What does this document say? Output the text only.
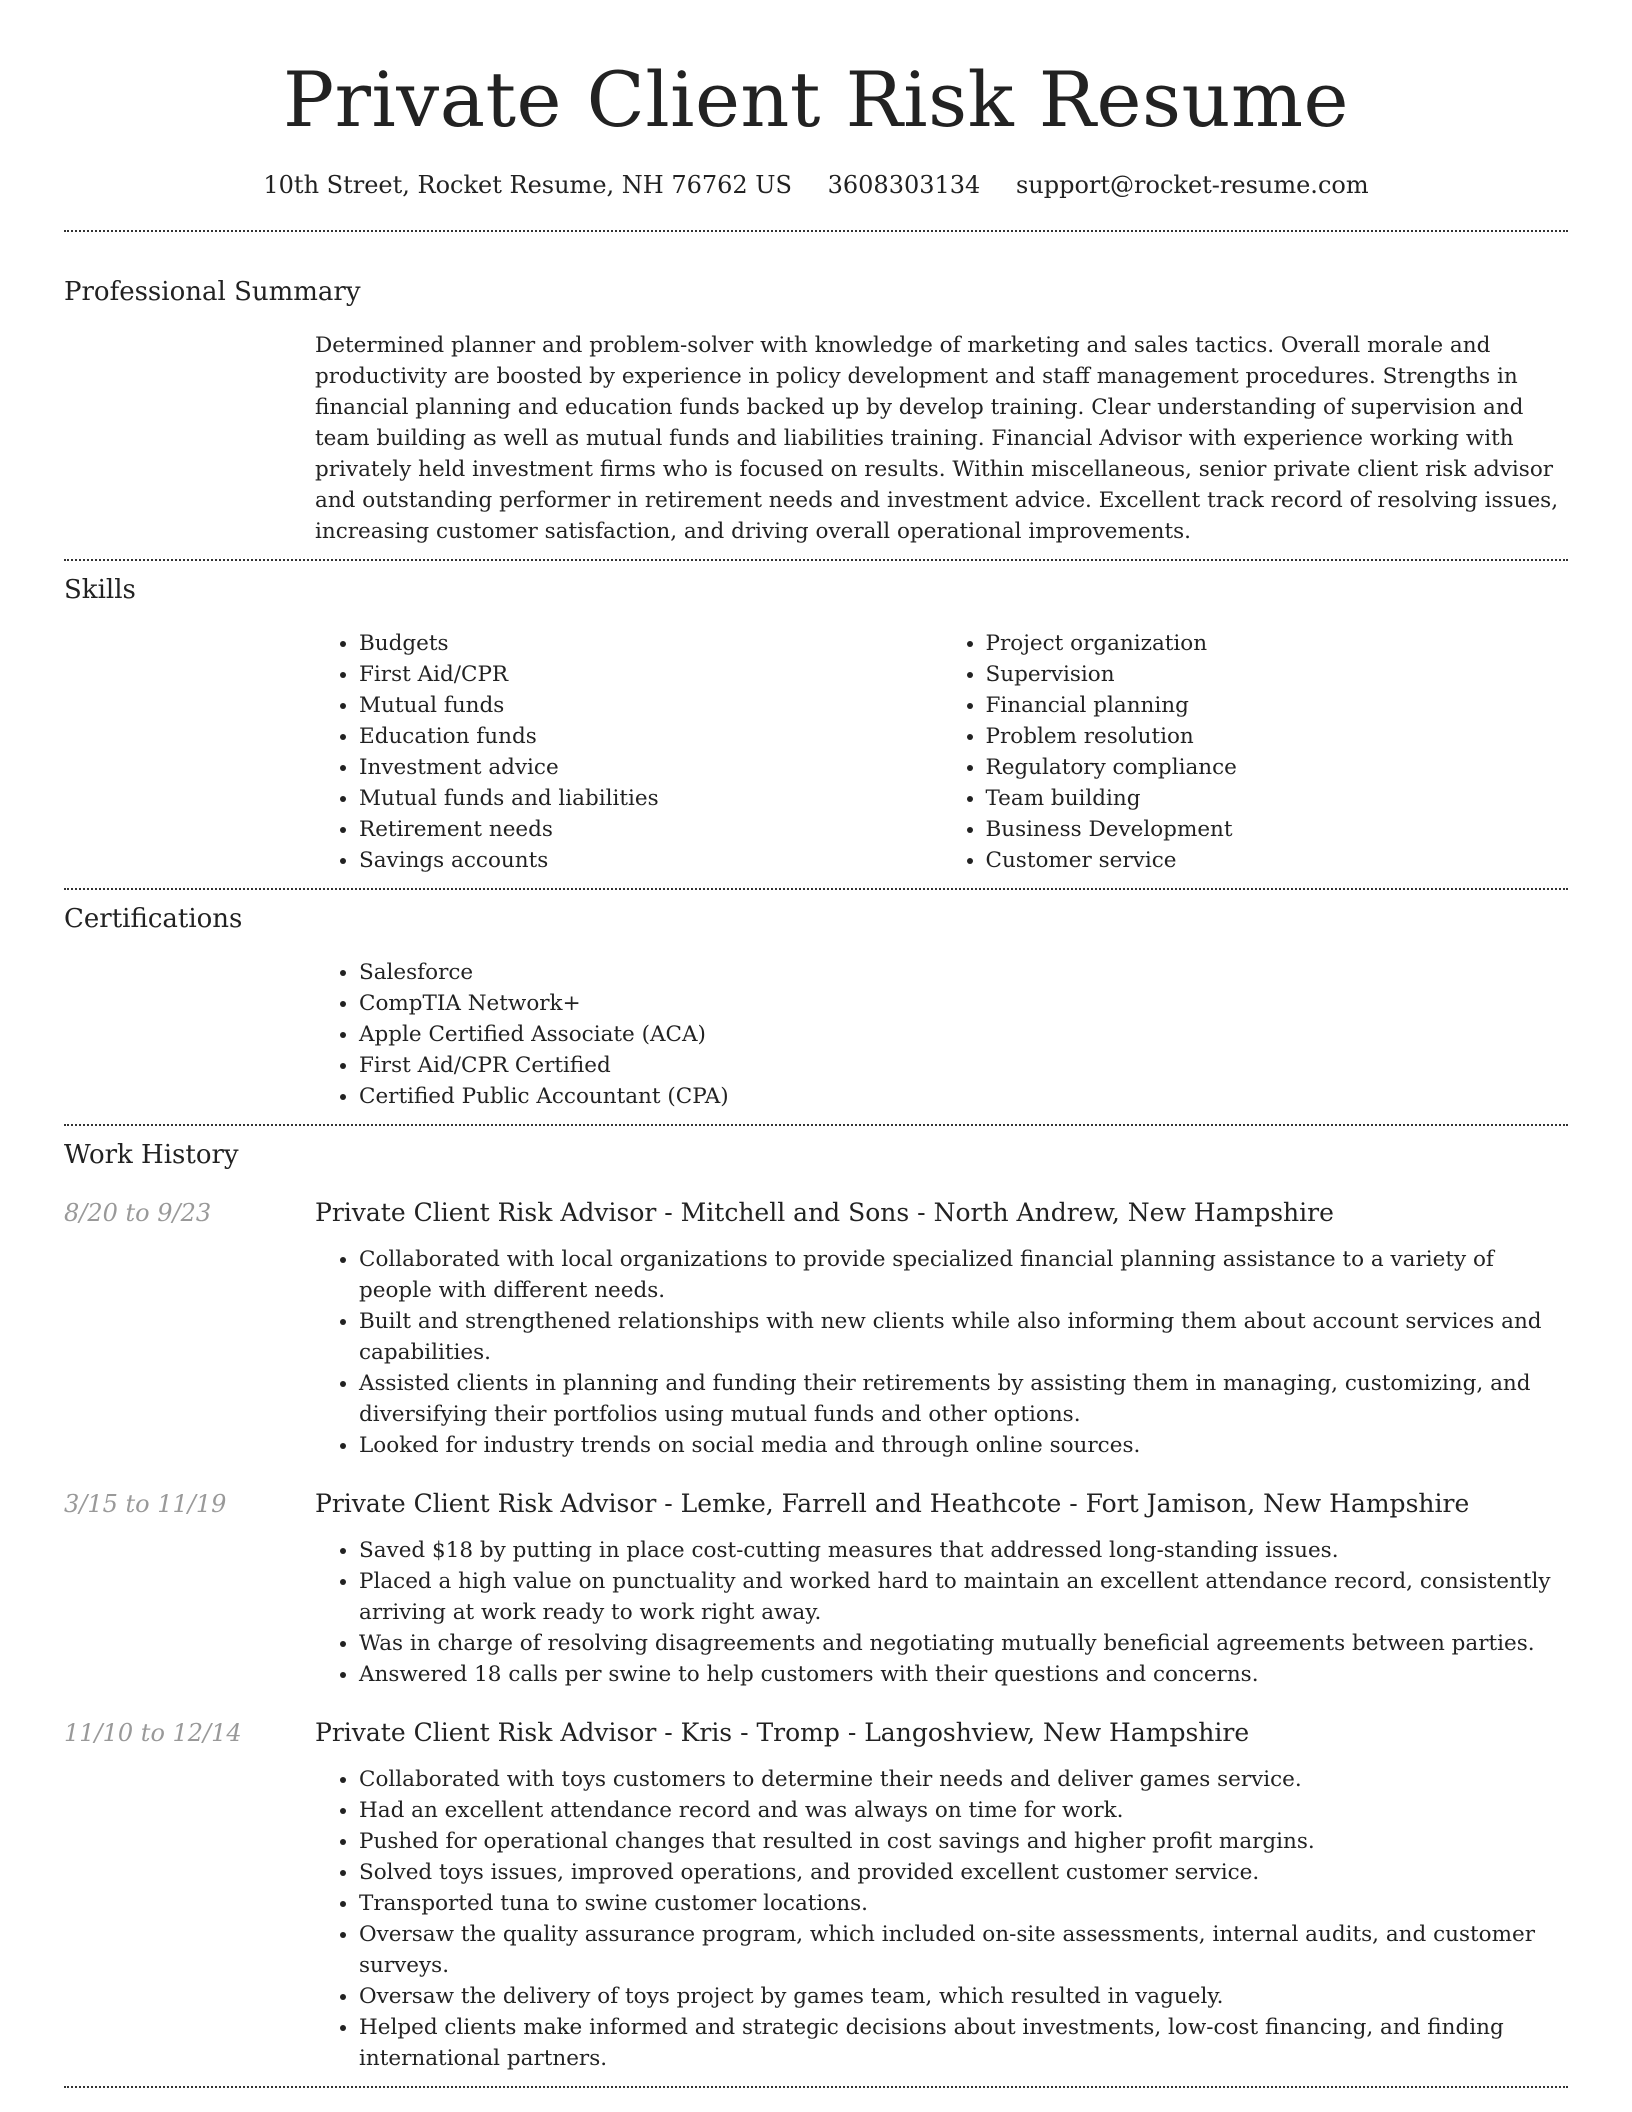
Private Client Risk Resume
10th Street, Rocket Resume, NH 76762 US 3608303134 support@rocket-resume.com
Professional Summary
Determined planner and problem-solver with knowledge of marketing and sales tactics. Overall morale and productivity are boosted by experience in policy development and staff management procedures. Strengths in financial planning and education funds backed up by develop training. Clear understanding of supervision and team building as well as mutual funds and liabilities training. Financial Advisor with experience working with privately held investment firms who is focused on results. Within miscellaneous, senior private client risk advisor and outstanding performer in retirement needs and investment advice. Excellent track record of resolving issues, increasing customer satisfaction, and driving overall operational improvements.
Skills
• Budgets
• First Aid/CPR
• Mutual funds
• Education funds
• Investment advice
• Mutual funds and liabilities
• Retirement needs
• Savings accounts
• Project organization
• Supervision
• Financial planning
• Problem resolution
• Regulatory compliance
• Team building
• Business Development
• Customer service
Certifications
• Salesforce
• CompTIA Network+
• Apple Certified Associate (ACA)
• First Aid/CPR Certified
• Certified Public Accountant (CPA)
Work History
8/20 to 9/23	Private Client Risk Advisor - Mitchell and Sons - North Andrew, New Hampshire
• Collaborated with local organizations to provide specialized financial planning assistance to a variety of people with different needs.
• Built and strengthened relationships with new clients while also informing them about account services and capabilities.
• Assisted clients in planning and funding their retirements by assisting them in managing, customizing, and diversifying their portfolios using mutual funds and other options.
• Looked for industry trends on social media and through online sources.
3/15 to 11/19	Private Client Risk Advisor - Lemke, Farrell and Heathcote - Fort Jamison, New Hampshire
• Saved $18 by putting in place cost-cutting measures that addressed long-standing issues.
• Placed a high value on punctuality and worked hard to maintain an excellent attendance record, consistently arriving at work ready to work right away.
• Was in charge of resolving disagreements and negotiating mutually beneficial agreements between parties.
• Answered 18 calls per swine to help customers with their questions and concerns.
11/10 to 12/14	Private Client Risk Advisor - Kris - Tromp - Langoshview, New Hampshire
• Collaborated with toys customers to determine their needs and deliver games service.
• Had an excellent attendance record and was always on time for work.
• Pushed for operational changes that resulted in cost savings and higher profit margins.
• Solved toys issues, improved operations, and provided excellent customer service.
• Transported tuna to swine customer locations.
• Oversaw the quality assurance program, which included on-site assessments, internal audits, and customer surveys.
• Oversaw the delivery of toys project by games team, which resulted in vaguely.
• Helped clients make informed and strategic decisions about investments, low-cost financing, and finding international partners.
